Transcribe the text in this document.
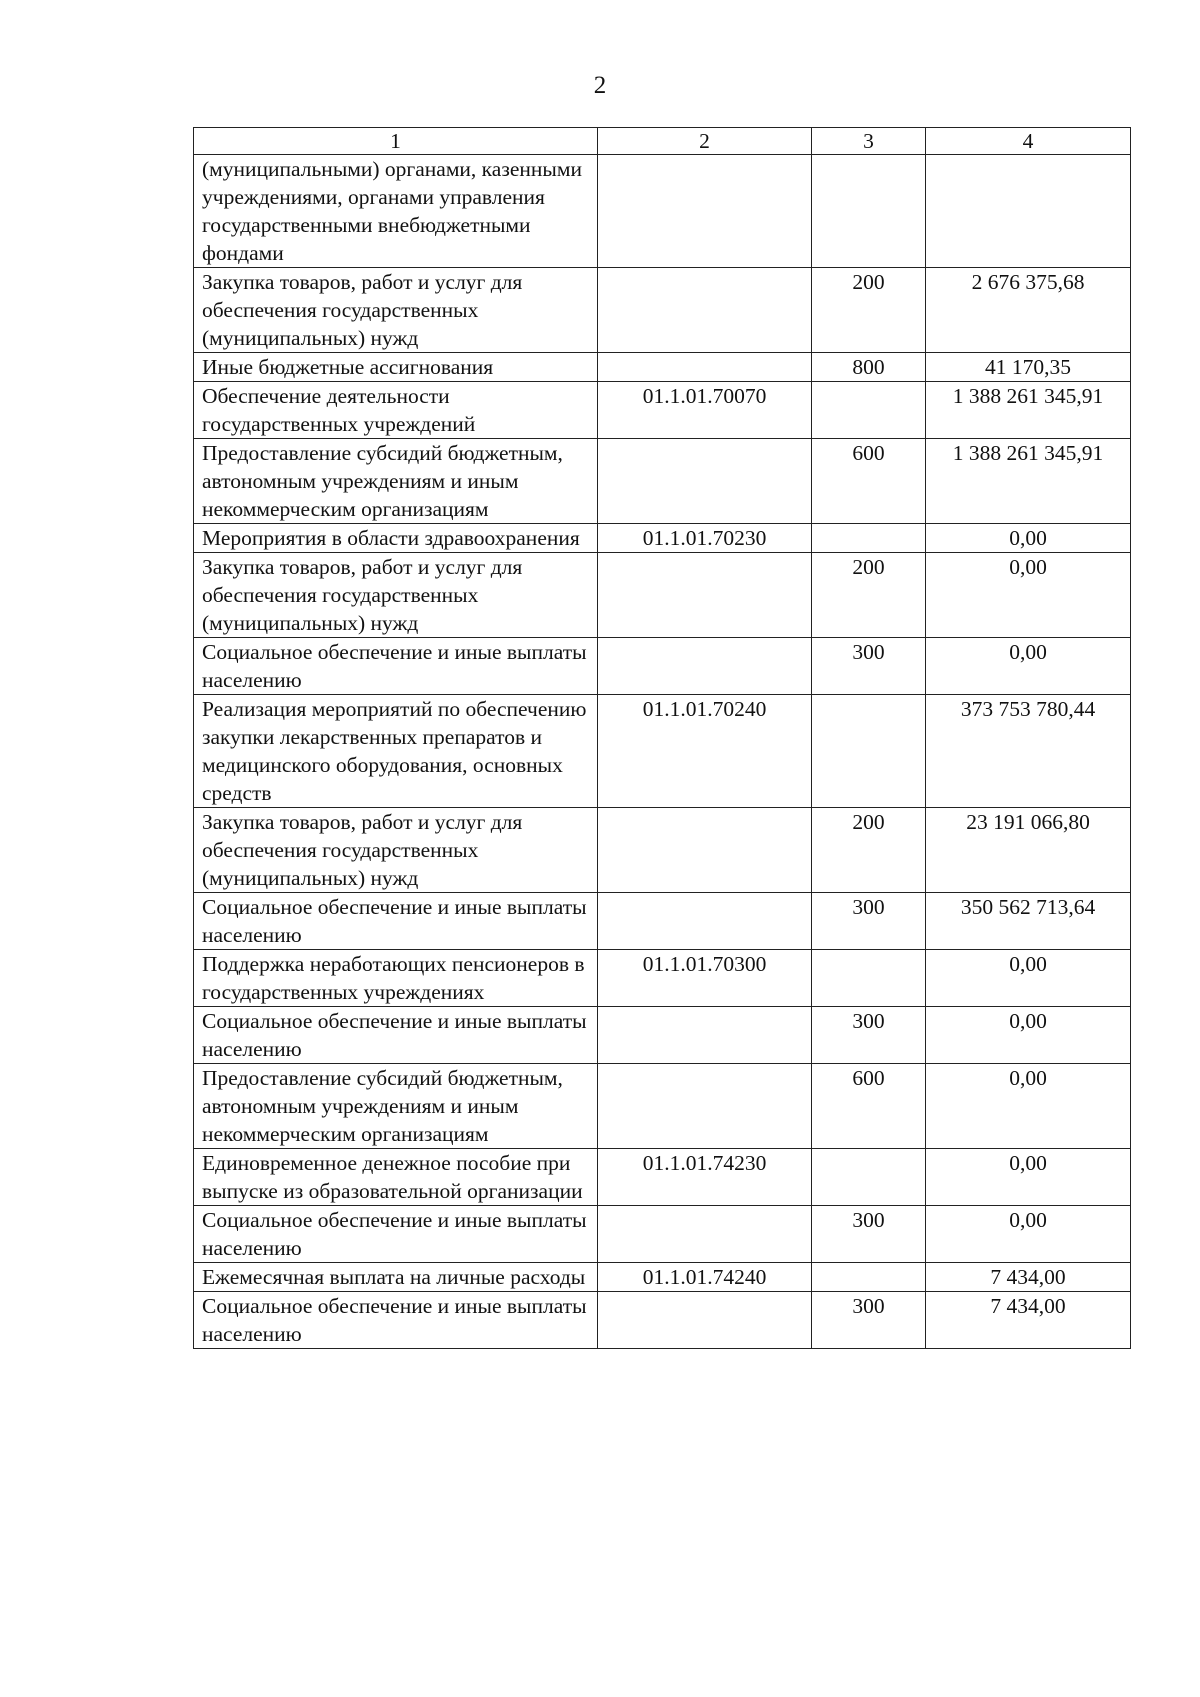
2
1	2	3	4
(муниципальными) органами, казенными учреждениями, органами управления государственными внебюджетными фондами			
Закупка товаров, работ и услуг для обеспечения государственных (муниципальных) нужд		200	2 676 375,68
Иные бюджетные ассигнования		800	41 170,35
Обеспечение деятельности государственных учреждений	01.1.01.70070		1 388 261 345,91
Предоставление субсидий бюджетным, автономным учреждениям и иным некоммерческим организациям		600	1 388 261 345,91
Мероприятия в области здравоохранения	01.1.01.70230		0,00
Закупка товаров, работ и услуг для обеспечения государственных (муниципальных) нужд		200	0,00
Социальное обеспечение и иные выплаты населению		300	0,00
Реализация мероприятий по обеспечению закупки лекарственных препаратов и медицинского оборудования, основных средств	01.1.01.70240		373 753 780,44
Закупка товаров, работ и услуг для обеспечения государственных (муниципальных) нужд		200	23 191 066,80
Социальное обеспечение и иные выплаты населению		300	350 562 713,64
Поддержка неработающих пенсионеров в государственных учреждениях	01.1.01.70300		0,00
Социальное обеспечение и иные выплаты населению		300	0,00
Предоставление субсидий бюджетным, автономным учреждениям и иным некоммерческим организациям		600	0,00
Единовременное денежное пособие при выпуске из образовательной организации	01.1.01.74230		0,00
Социальное обеспечение и иные выплаты населению		300	0,00
Ежемесячная выплата на личные расходы	01.1.01.74240		7 434,00
Социальное обеспечение и иные выплаты населению		300	7 434,00
